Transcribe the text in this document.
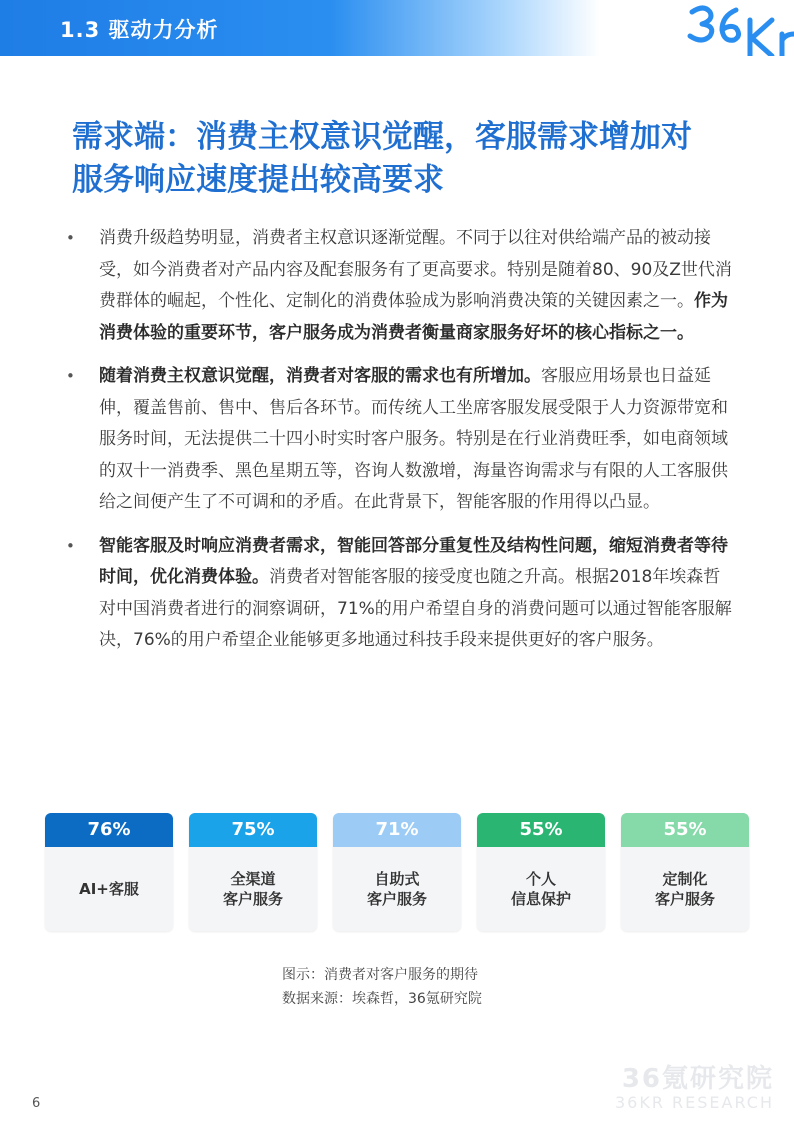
1.3 驱动力分析
需求端：消费主权意识觉醒，客服需求增加对
服务响应速度提出较高要求
• 消费升级趋势明显，消费者主权意识逐渐觉醒。不同于以往对供给端产品的被动接受，如今消费者对产品内容及配套服务有了更高要求。特别是随着80、90及Z世代消费群体的崛起，个性化、定制化的消费体验成为影响消费决策的关键因素之一。作为消费体验的重要环节，客户服务成为消费者衡量商家服务好坏的核心指标之一。
• 随着消费主权意识觉醒，消费者对客服的需求也有所增加。客服应用场景也日益延伸，覆盖售前、售中、售后各环节。而传统人工坐席客服发展受限于人力资源带宽和服务时间，无法提供二十四小时实时客户服务。特别是在行业消费旺季，如电商领域的双十一消费季、黑色星期五等，咨询人数激增，海量咨询需求与有限的人工客服供给之间便产生了不可调和的矛盾。在此背景下，智能客服的作用得以凸显。
• 智能客服及时响应消费者需求，智能回答部分重复性及结构性问题，缩短消费者等待时间，优化消费体验。消费者对智能客服的接受度也随之升高。根据2018年埃森哲对中国消费者进行的洞察调研，71%的用户希望自身的消费问题可以通过智能客服解决，76%的用户希望企业能够更多地通过科技手段来提供更好的客户服务。
76%
AI+客服
75%
全渠道
客户服务
71%
自助式
客户服务
55%
个人
信息保护
55%
定制化
客户服务
图示：消费者对客户服务的期待
数据来源：埃森哲，36氪研究院
36氪研究院
36KR RESEARCH
6
